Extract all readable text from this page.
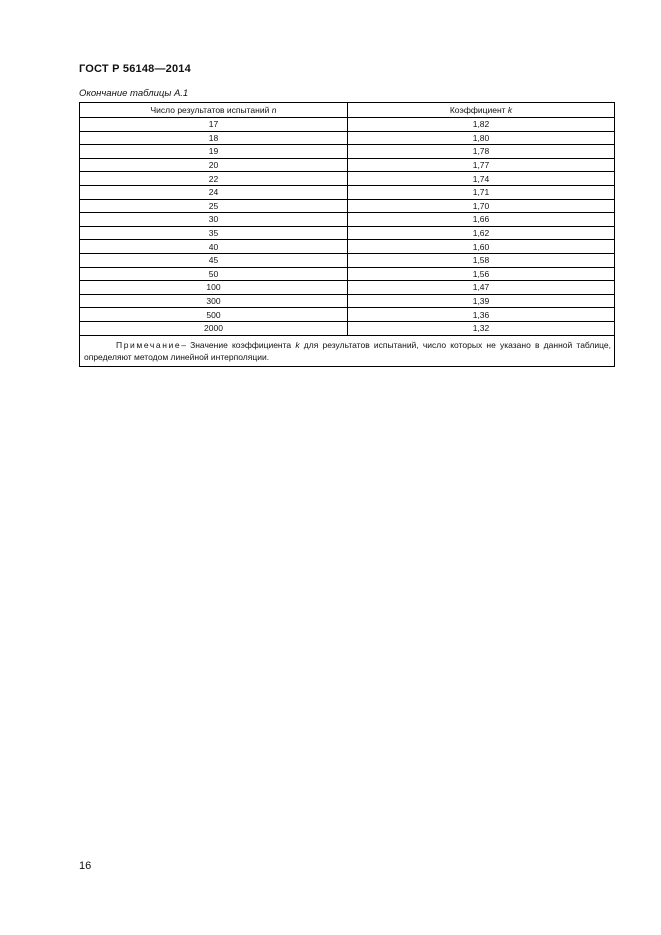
ГОСТ Р 56148—2014
Окончание таблицы А.1
Число результатов испытаний n	Коэффициент k
17	1,82
18	1,80
19	1,78
20	1,77
22	1,74
24	1,71
25	1,70
30	1,66
35	1,62
40	1,60
45	1,58
50	1,56
100	1,47
300	1,39
500	1,36
2000	1,32
Примечание– Значение коэффициента k для результатов испытаний, число которых не указано в данной таблице, определяют методом линейной интерполяции.	
16
